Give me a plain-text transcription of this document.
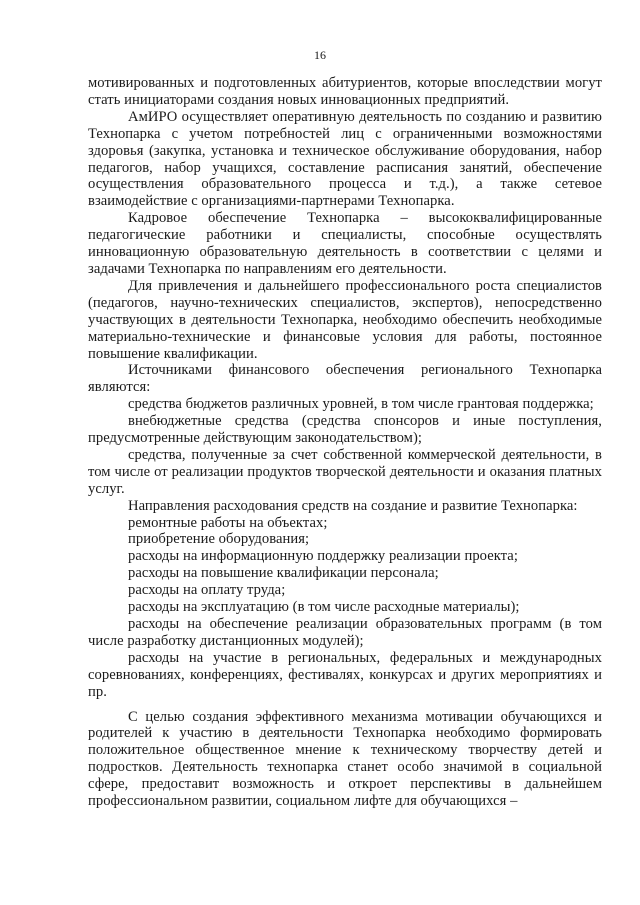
16

мотивированных и подготовленных абитуриентов, которые впоследствии могут стать инициаторами создания новых инновационных предприятий.

АмИРО осуществляет оперативную деятельность по созданию и развитию Технопарка с учетом потребностей лиц с ограниченными возможностями здоровья (закупка, установка и техническое обслуживание оборудования, набор педагогов, набор учащихся, составление расписания занятий, обеспечение осуществления образовательного процесса и т.д.), а также сетевое взаимодействие с организациями-партнерами Технопарка.

Кадровое обеспечение Технопарка – высококвалифицированные педагогические работники и специалисты, способные осуществлять инновационную образовательную деятельность в соответствии с целями и задачами Технопарка по направлениям его деятельности.

Для привлечения и дальнейшего профессионального роста специалистов (педагогов, научно-технических специалистов, экспертов), непосредственно участвующих в деятельности Технопарка, необходимо обеспечить необходимые материально-технические и финансовые условия для работы, постоянное повышение квалификации.

Источниками финансового обеспечения регионального Технопарка являются:

средства бюджетов различных уровней, в том числе грантовая поддержка;

внебюджетные средства (средства спонсоров и иные поступления, предусмотренные действующим законодательством);

средства, полученные за счет собственной коммерческой деятельности, в том числе от реализации продуктов творческой деятельности и оказания платных услуг.

Направления расходования средств на создание и развитие Технопарка:

ремонтные работы на объектах;

приобретение оборудования;

расходы на информационную поддержку реализации проекта;

расходы на повышение квалификации персонала;

расходы на оплату труда;

расходы на эксплуатацию (в том числе расходные материалы);

расходы на обеспечение реализации образовательных программ (в том числе разработку дистанционных модулей);

расходы на участие в региональных, федеральных и международных соревнованиях, конференциях, фестивалях, конкурсах и других мероприятиях и пр.

С целью создания эффективного механизма мотивации обучающихся и родителей к участию в деятельности Технопарка необходимо формировать положительное общественное мнение к техническому творчеству детей и подростков. Деятельность технопарка станет особо значимой в социальной сфере, предоставит возможность и откроет перспективы в дальнейшем профессиональном развитии, социальном лифте для обучающихся –
